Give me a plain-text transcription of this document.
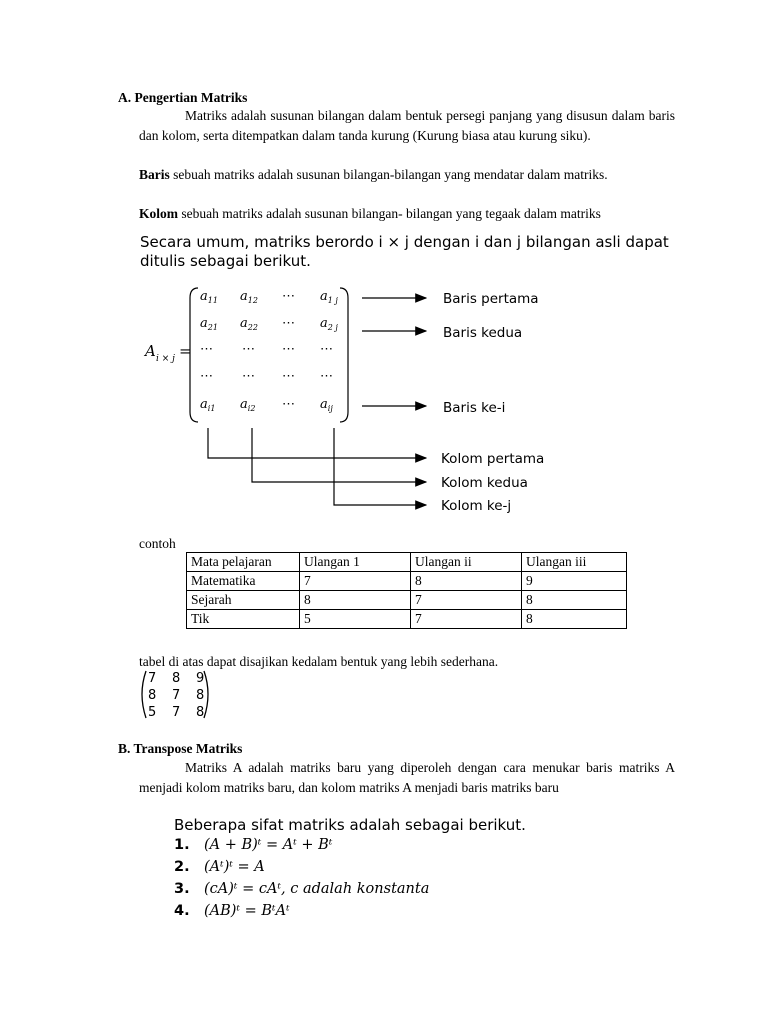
A. Pengertian Matriks
Matriks adalah susunan bilangan dalam bentuk persegi panjang yang disusun dalam baris dan kolom, serta ditempatkan dalam tanda kurung (Kurung biasa atau kurung siku).
Baris sebuah matriks adalah susunan bilangan-bilangan yang mendatar dalam matriks.
Kolom sebuah matriks adalah susunan bilangan- bilangan yang tegaak dalam matriks
Secara umum, matriks berordo i × j dengan i dan j bilangan asli dapat
ditulis sebagai berikut.
A i × j =
$a_{11}$ $a_{12}$ ⋯ $a_{1 j}$
$a_{21}$ $a_{22}$ ⋯ $a_{2 j}$
⋯ ⋯ ⋯ ⋯
⋯ ⋯ ⋯ ⋯
$a_{i1}$ $a_{i2}$ ⋯ $a_{ij}$
Baris pertama
Baris kedua
Baris ke-i
Kolom pertama
Kolom kedua
Kolom ke-j
contoh
Mata pelajaran	Ulangan 1	Ulangan ii	Ulangan iii
Matematika	7	8	9
Sejarah	8	7	8
Tik	5	7	8
tabel di atas dapat disajikan kedalam bentuk yang lebih sederhana.
7 8 9
8 7 8
5 7 8
B. Transpose Matriks
Matriks A adalah matriks baru yang diperoleh dengan cara menukar baris matriks A menjadi kolom matriks baru, dan kolom matriks A menjadi baris matriks baru
Beberapa sifat matriks adalah sebagai berikut.
1. (A + B)ᵗ = Aᵗ + Bᵗ
2. (Aᵗ)ᵗ = A
3. (cA)ᵗ = cAᵗ, c adalah konstanta
4. (AB)ᵗ = BᵗAᵗ
